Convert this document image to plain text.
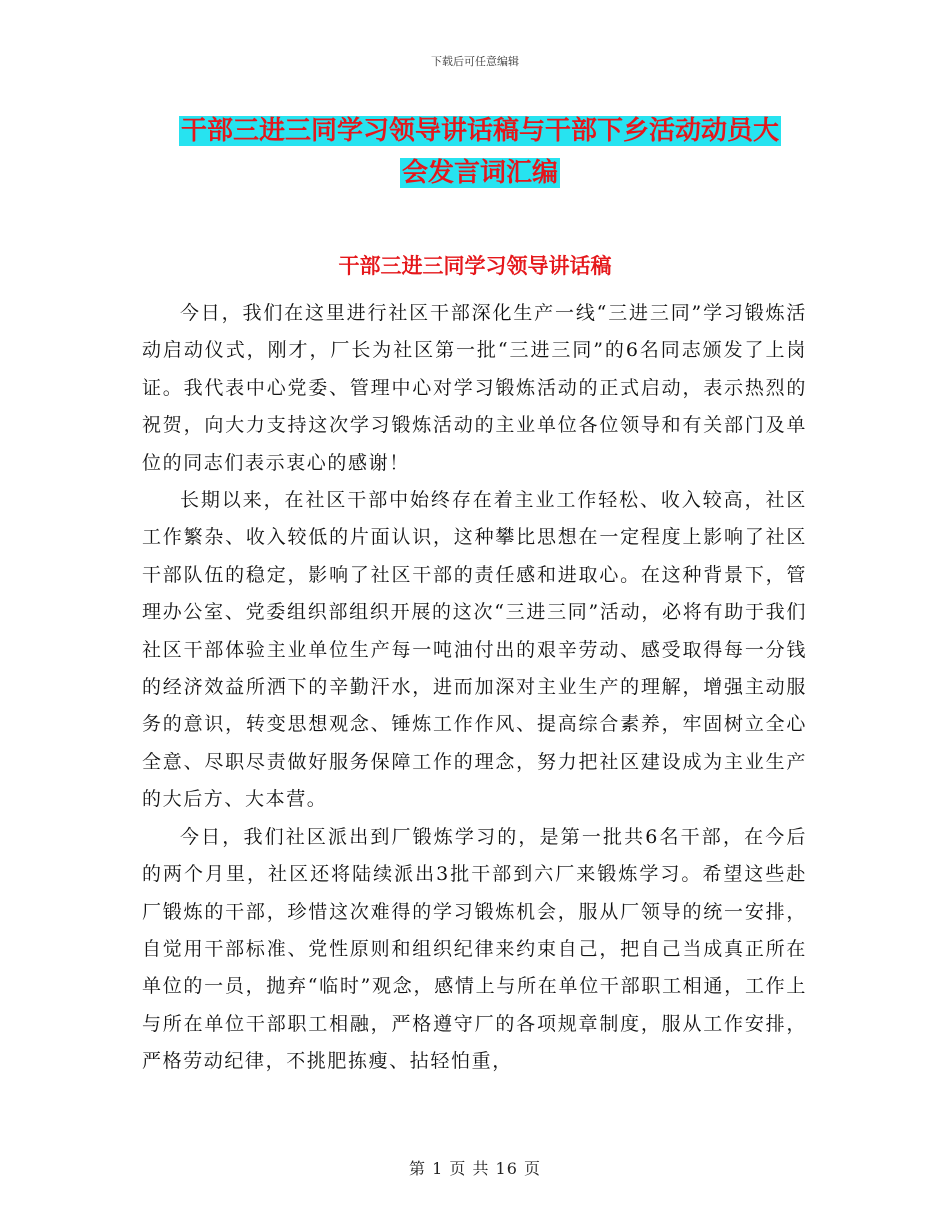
下载后可任意编辑
干部三进三同学习领导讲话稿与干部下乡活动动员大
会发言词汇编
干部三进三同学习领导讲话稿

今日，我们在这里进行社区干部深化生产一线“三进三同”学习锻炼活动启动仪式，刚才，厂长为社区第一批“三进三同”的6名同志颁发了上岗证。我代表中心党委、管理中心对学习锻炼活动的正式启动，表示热烈的祝贺，向大力支持这次学习锻炼活动的主业单位各位领导和有关部门及单位的同志们表示衷心的感谢！

长期以来，在社区干部中始终存在着主业工作轻松、收入较高，社区工作繁杂、收入较低的片面认识，这种攀比思想在一定程度上影响了社区干部队伍的稳定，影响了社区干部的责任感和进取心。在这种背景下，管理办公室、党委组织部组织开展的这次“三进三同”活动，必将有助于我们社区干部体验主业单位生产每一吨油付出的艰辛劳动、感受取得每一分钱的经济效益所洒下的辛勤汗水，进而加深对主业生产的理解，增强主动服务的意识，转变思想观念、锤炼工作作风、提高综合素养，牢固树立全心全意、尽职尽责做好服务保障工作的理念，努力把社区建设成为主业生产的大后方、大本营。

今日，我们社区派出到厂锻炼学习的，是第一批共6名干部，在今后的两个月里，社区还将陆续派出3批干部到六厂来锻炼学习。希望这些赴厂锻炼的干部，珍惜这次难得的学习锻炼机会，服从厂领导的统一安排，自觉用干部标准、党性原则和组织纪律来约束自己，把自己当成真正所在单位的一员，抛弃“临时”观念，感情上与所在单位干部职工相通，工作上与所在单位干部职工相融，严格遵守厂的各项规章制度，服从工作安排，严格劳动纪律，不挑肥拣瘦、拈轻怕重，

第 1 页 共 16 页
